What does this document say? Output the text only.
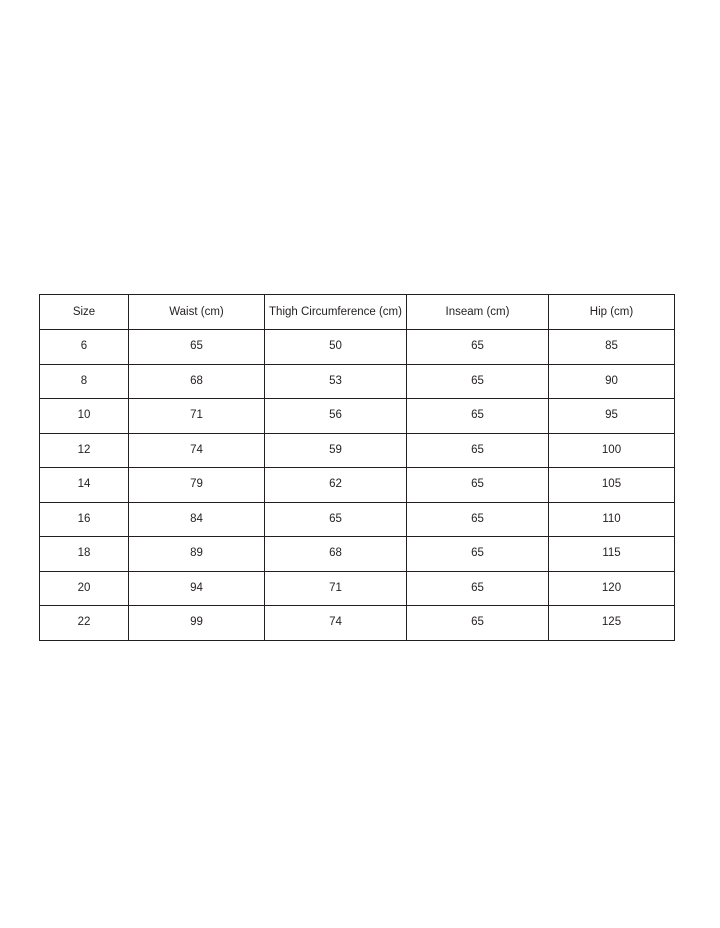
Size	Waist (cm)	Thigh Circumference (cm)	Inseam (cm)	Hip (cm)
6	65	50	65	85
8	68	53	65	90
10	71	56	65	95
12	74	59	65	100
14	79	62	65	105
16	84	65	65	110
18	89	68	65	115
20	94	71	65	120
22	99	74	65	125
